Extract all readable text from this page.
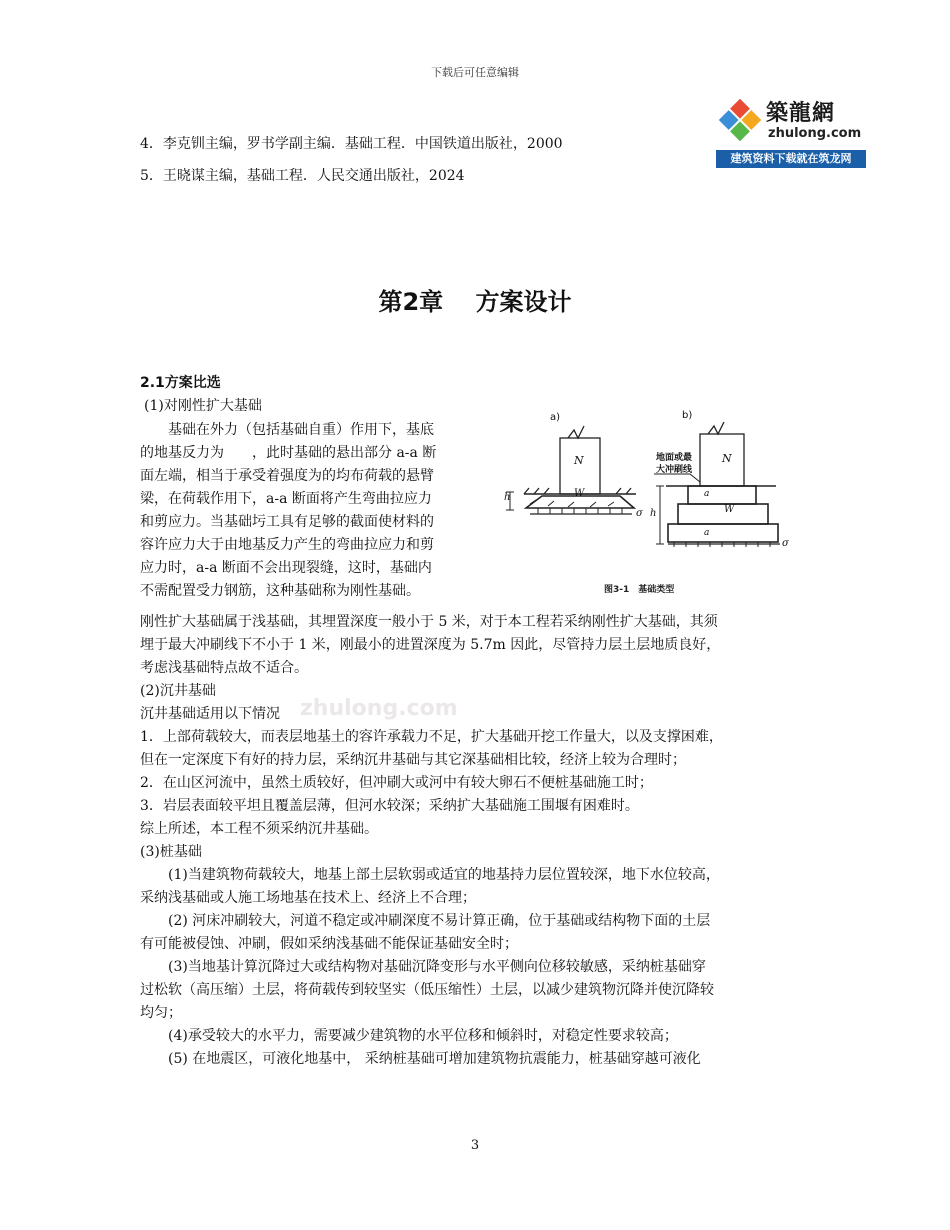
下载后可任意编辑
築龍網
zhulong.com
建筑资料下载就在筑龙网
4．李克钏主编，罗书学副主编．基础工程．中国铁道出版社，2000
5．王晓谋主编，基础工程．人民交通出版社，2024
第2章　 方案设计
2.1方案比选
(1)对刚性扩大基础
　　基础在外力（包括基础自重）作用下，基底
的地基反力为　　，此时基础的悬出部分 a-a 断
面左端，相当于承受着强度为的均布荷载的悬臂
梁，在荷载作用下，a-a 断面将产生弯曲拉应力
和剪应力。当基础圬工具有足够的截面使材料的
容许应力大于由地基反力产生的弯曲拉应力和剪
应力时，a-a 断面不会出现裂缝，这时，基础内
不需配置受力钢筋，这种基础称为刚性基础。
a)	b)
N	N
W
W
a
a
h
h
σ
σ
地面或最
大冲刷线
图3-1　基础类型
zhulong.com
刚性扩大基础属于浅基础，其埋置深度一般小于 5 米，对于本工程若采纳刚性扩大基础，其须
埋于最大冲刷线下不小于 1 米，刚最小的进置深度为 5.7m 因此，尽管持力层土层地质良好，
考虑浅基础特点故不适合。
(2)沉井基础
沉井基础适用以下情况
1．上部荷载较大，而表层地基土的容许承载力不足，扩大基础开挖工作量大，以及支撑困难，
但在一定深度下有好的持力层，采纳沉井基础与其它深基础相比较，经济上较为合理时；
2．在山区河流中，虽然土质较好，但冲刷大或河中有较大卵石不便桩基础施工时；
3．岩层表面较平坦且覆盖层薄，但河水较深；采纳扩大基础施工围堰有困难时。
综上所述，本工程不须采纳沉井基础。
(3)桩基础
　　(1)当建筑物荷载较大，地基上部土层软弱或适宜的地基持力层位置较深，地下水位较高，
采纳浅基础或人施工场地基在技术上、经济上不合理；
　　(2) 河床冲刷较大，河道不稳定或冲刷深度不易计算正确，位于基础或结构物下面的土层
有可能被侵蚀、冲刷，假如采纳浅基础不能保证基础安全时；
　　(3)当地基计算沉降过大或结构物对基础沉降变形与水平侧向位移较敏感，采纳桩基础穿
过松软（高压缩）土层，将荷载传到较坚实（低压缩性）土层，以减少建筑物沉降并使沉降较
均匀；
　　(4)承受较大的水平力，需要减少建筑物的水平位移和倾斜时，对稳定性要求较高；
　　(5) 在地震区，可液化地基中， 采纳桩基础可增加建筑物抗震能力，桩基础穿越可液化
3
